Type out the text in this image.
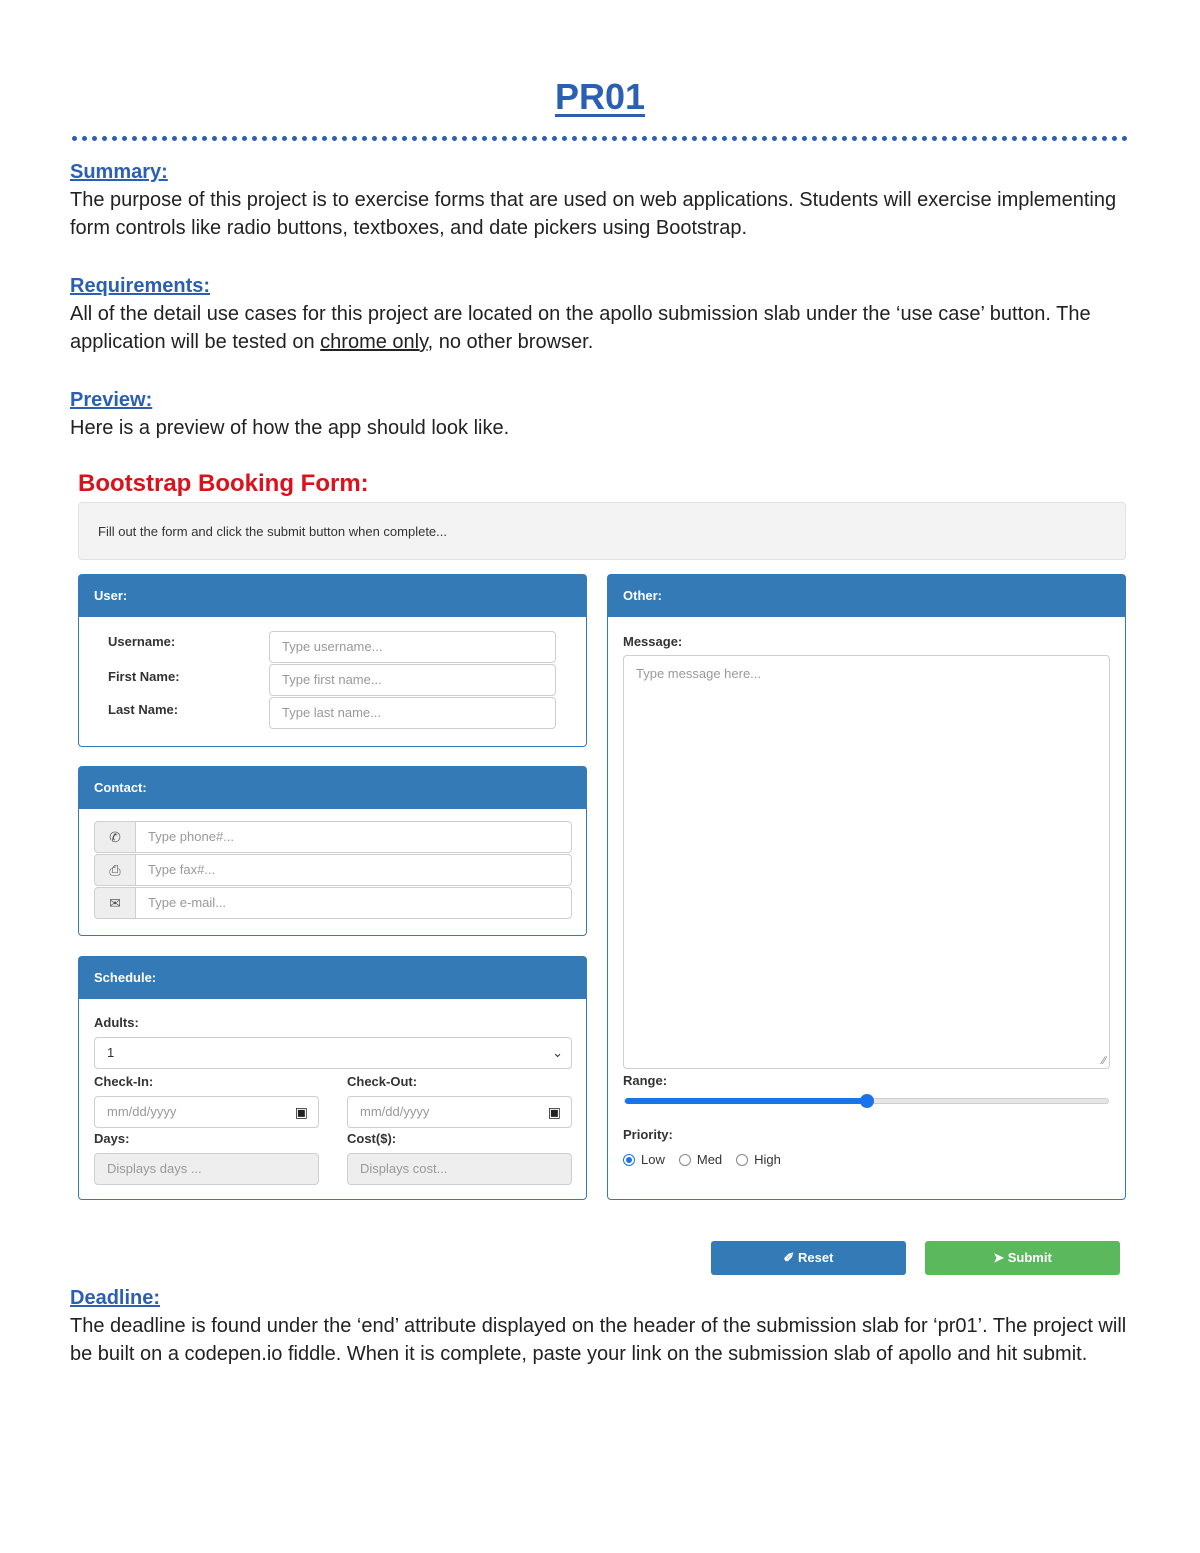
PR01
Summary:
The purpose of this project is to exercise forms that are used on web applications. Students will exercise implementing form controls like radio buttons, textboxes, and date pickers using Bootstrap.
Requirements:
All of the detail use cases for this project are located on the apollo submission slab under the ‘use case’ button. The application will be tested on chrome only, no other browser.
Preview:
Here is a preview of how the app should look like.
Bootstrap Booking Form:
Fill out the form and click the submit button when complete...
User:
Username:	Type username...
First Name:	Type first name...
Last Name:	Type last name...
Contact:
✆	Type phone#...
⎙	Type fax#...
✉	Type e-mail...
Schedule:
Adults:
1	⌄
Check-In:
mm/dd/yyyy	▣
Check-Out:
mm/dd/yyyy	▣
Days:
Displays days ...
Cost($):
Displays cost...
Other:
Message:
Type message here...
∕∕
Range:
Priority:
Low Med High
✐ Reset	➤ Submit
Deadline:
The deadline is found under the ‘end’ attribute displayed on the header of the submission slab for ‘pr01’. The project will be built on a codepen.io fiddle. When it is complete, paste your link on the submission slab of apollo and hit submit.
